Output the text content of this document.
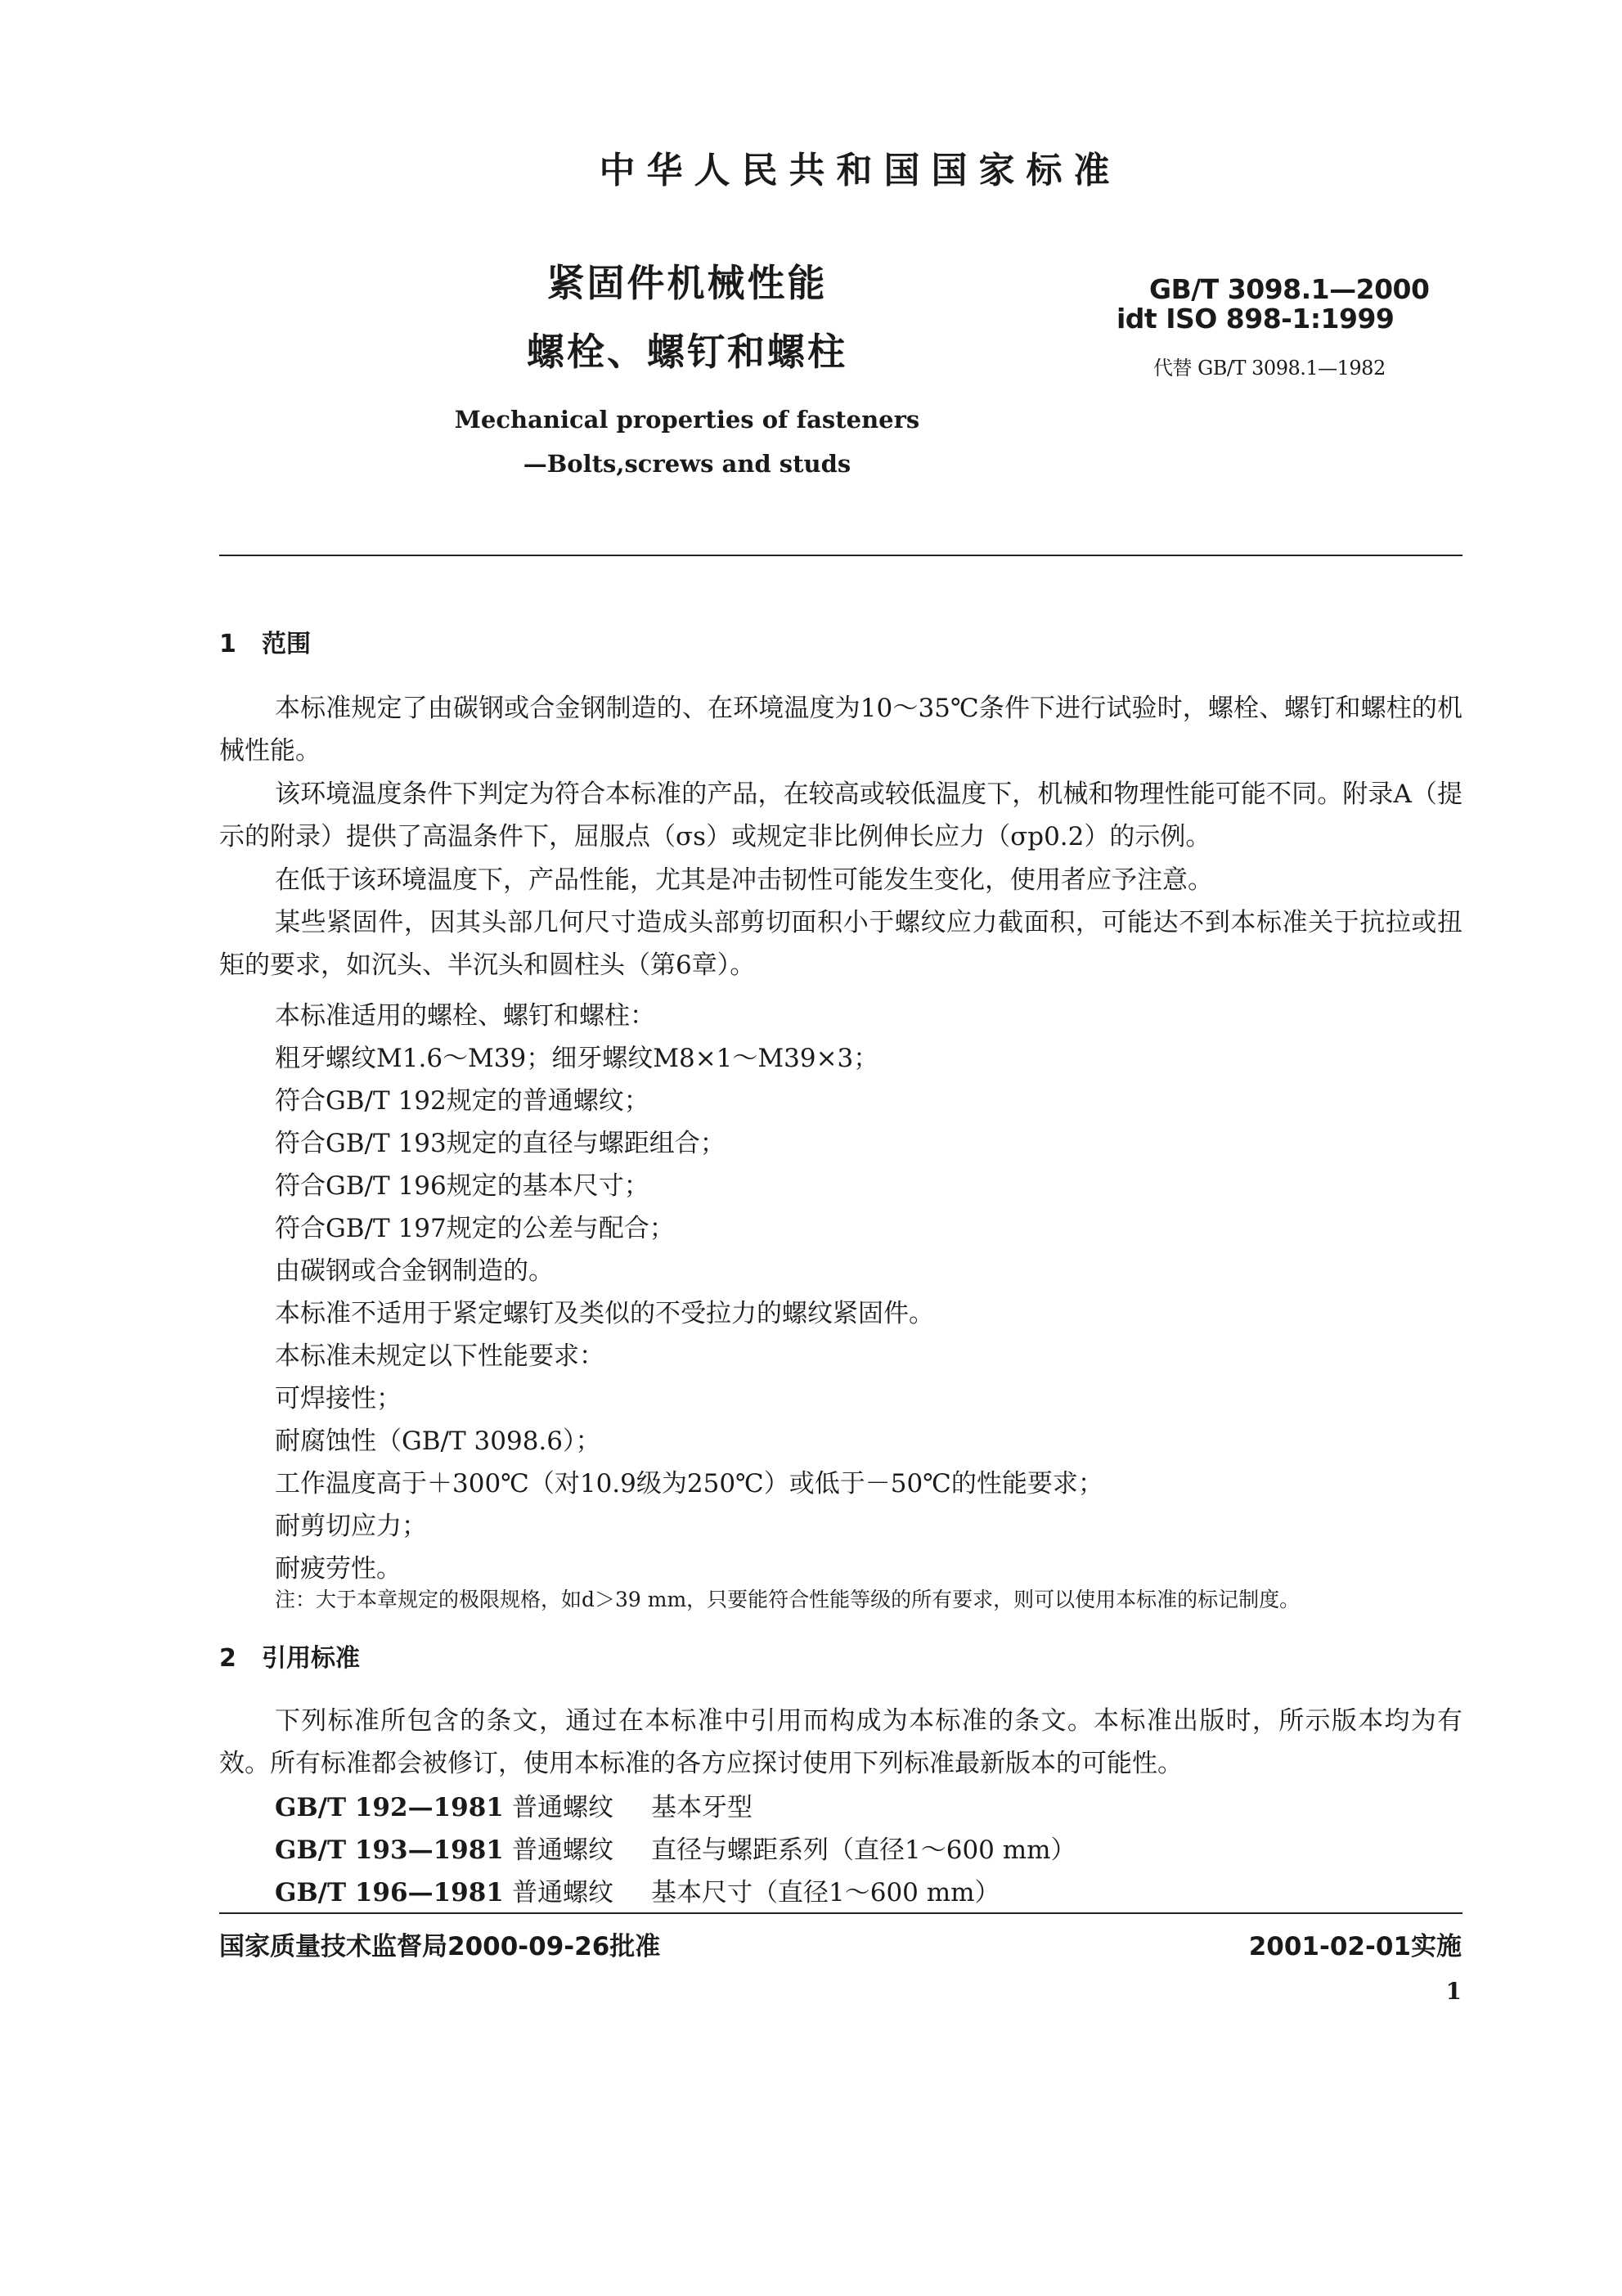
中华人民共和国国家标准
紧固件机械性能
螺栓、螺钉和螺柱
GB/T 3098.1—2000
idt ISO 898-1:1999
代替 GB/T 3098.1—1982
Mechanical properties of fasteners
—Bolts,screws and studs
1 范围
本标准规定了由碳钢或合金钢制造的、在环境温度为10～35℃条件下进行试验时，螺栓、螺钉和螺柱的机械性能。
该环境温度条件下判定为符合本标准的产品，在较高或较低温度下，机械和物理性能可能不同。附录A（提示的附录）提供了高温条件下，屈服点（σs）或规定非比例伸长应力（σp0.2）的示例。
在低于该环境温度下，产品性能，尤其是冲击韧性可能发生变化，使用者应予注意。
某些紧固件，因其头部几何尺寸造成头部剪切面积小于螺纹应力截面积，可能达不到本标准关于抗拉或扭矩的要求，如沉头、半沉头和圆柱头（第6章）。
本标准适用的螺栓、螺钉和螺柱：
粗牙螺纹M1.6～M39；细牙螺纹M8×1～M39×3；
符合GB/T 192规定的普通螺纹；
符合GB/T 193规定的直径与螺距组合；
符合GB/T 196规定的基本尺寸；
符合GB/T 197规定的公差与配合；
由碳钢或合金钢制造的。
本标准不适用于紧定螺钉及类似的不受拉力的螺纹紧固件。
本标准未规定以下性能要求：
可焊接性；
耐腐蚀性（GB/T 3098.6）；
工作温度高于＋300℃（对10.9级为250℃）或低于－50℃的性能要求；
耐剪切应力；
耐疲劳性。
注：大于本章规定的极限规格，如d＞39 mm，只要能符合性能等级的所有要求，则可以使用本标准的标记制度。
2 引用标准
下列标准所包含的条文，通过在本标准中引用而构成为本标准的条文。本标准出版时，所示版本均为有效。所有标准都会被修订，使用本标准的各方应探讨使用下列标准最新版本的可能性。
GB/T 192—1981 普通螺纹 基本牙型
GB/T 193—1981 普通螺纹 直径与螺距系列（直径1～600 mm）
GB/T 196—1981 普通螺纹 基本尺寸（直径1～600 mm）
国家质量技术监督局2000-09-26批准	2001-02-01实施
1
